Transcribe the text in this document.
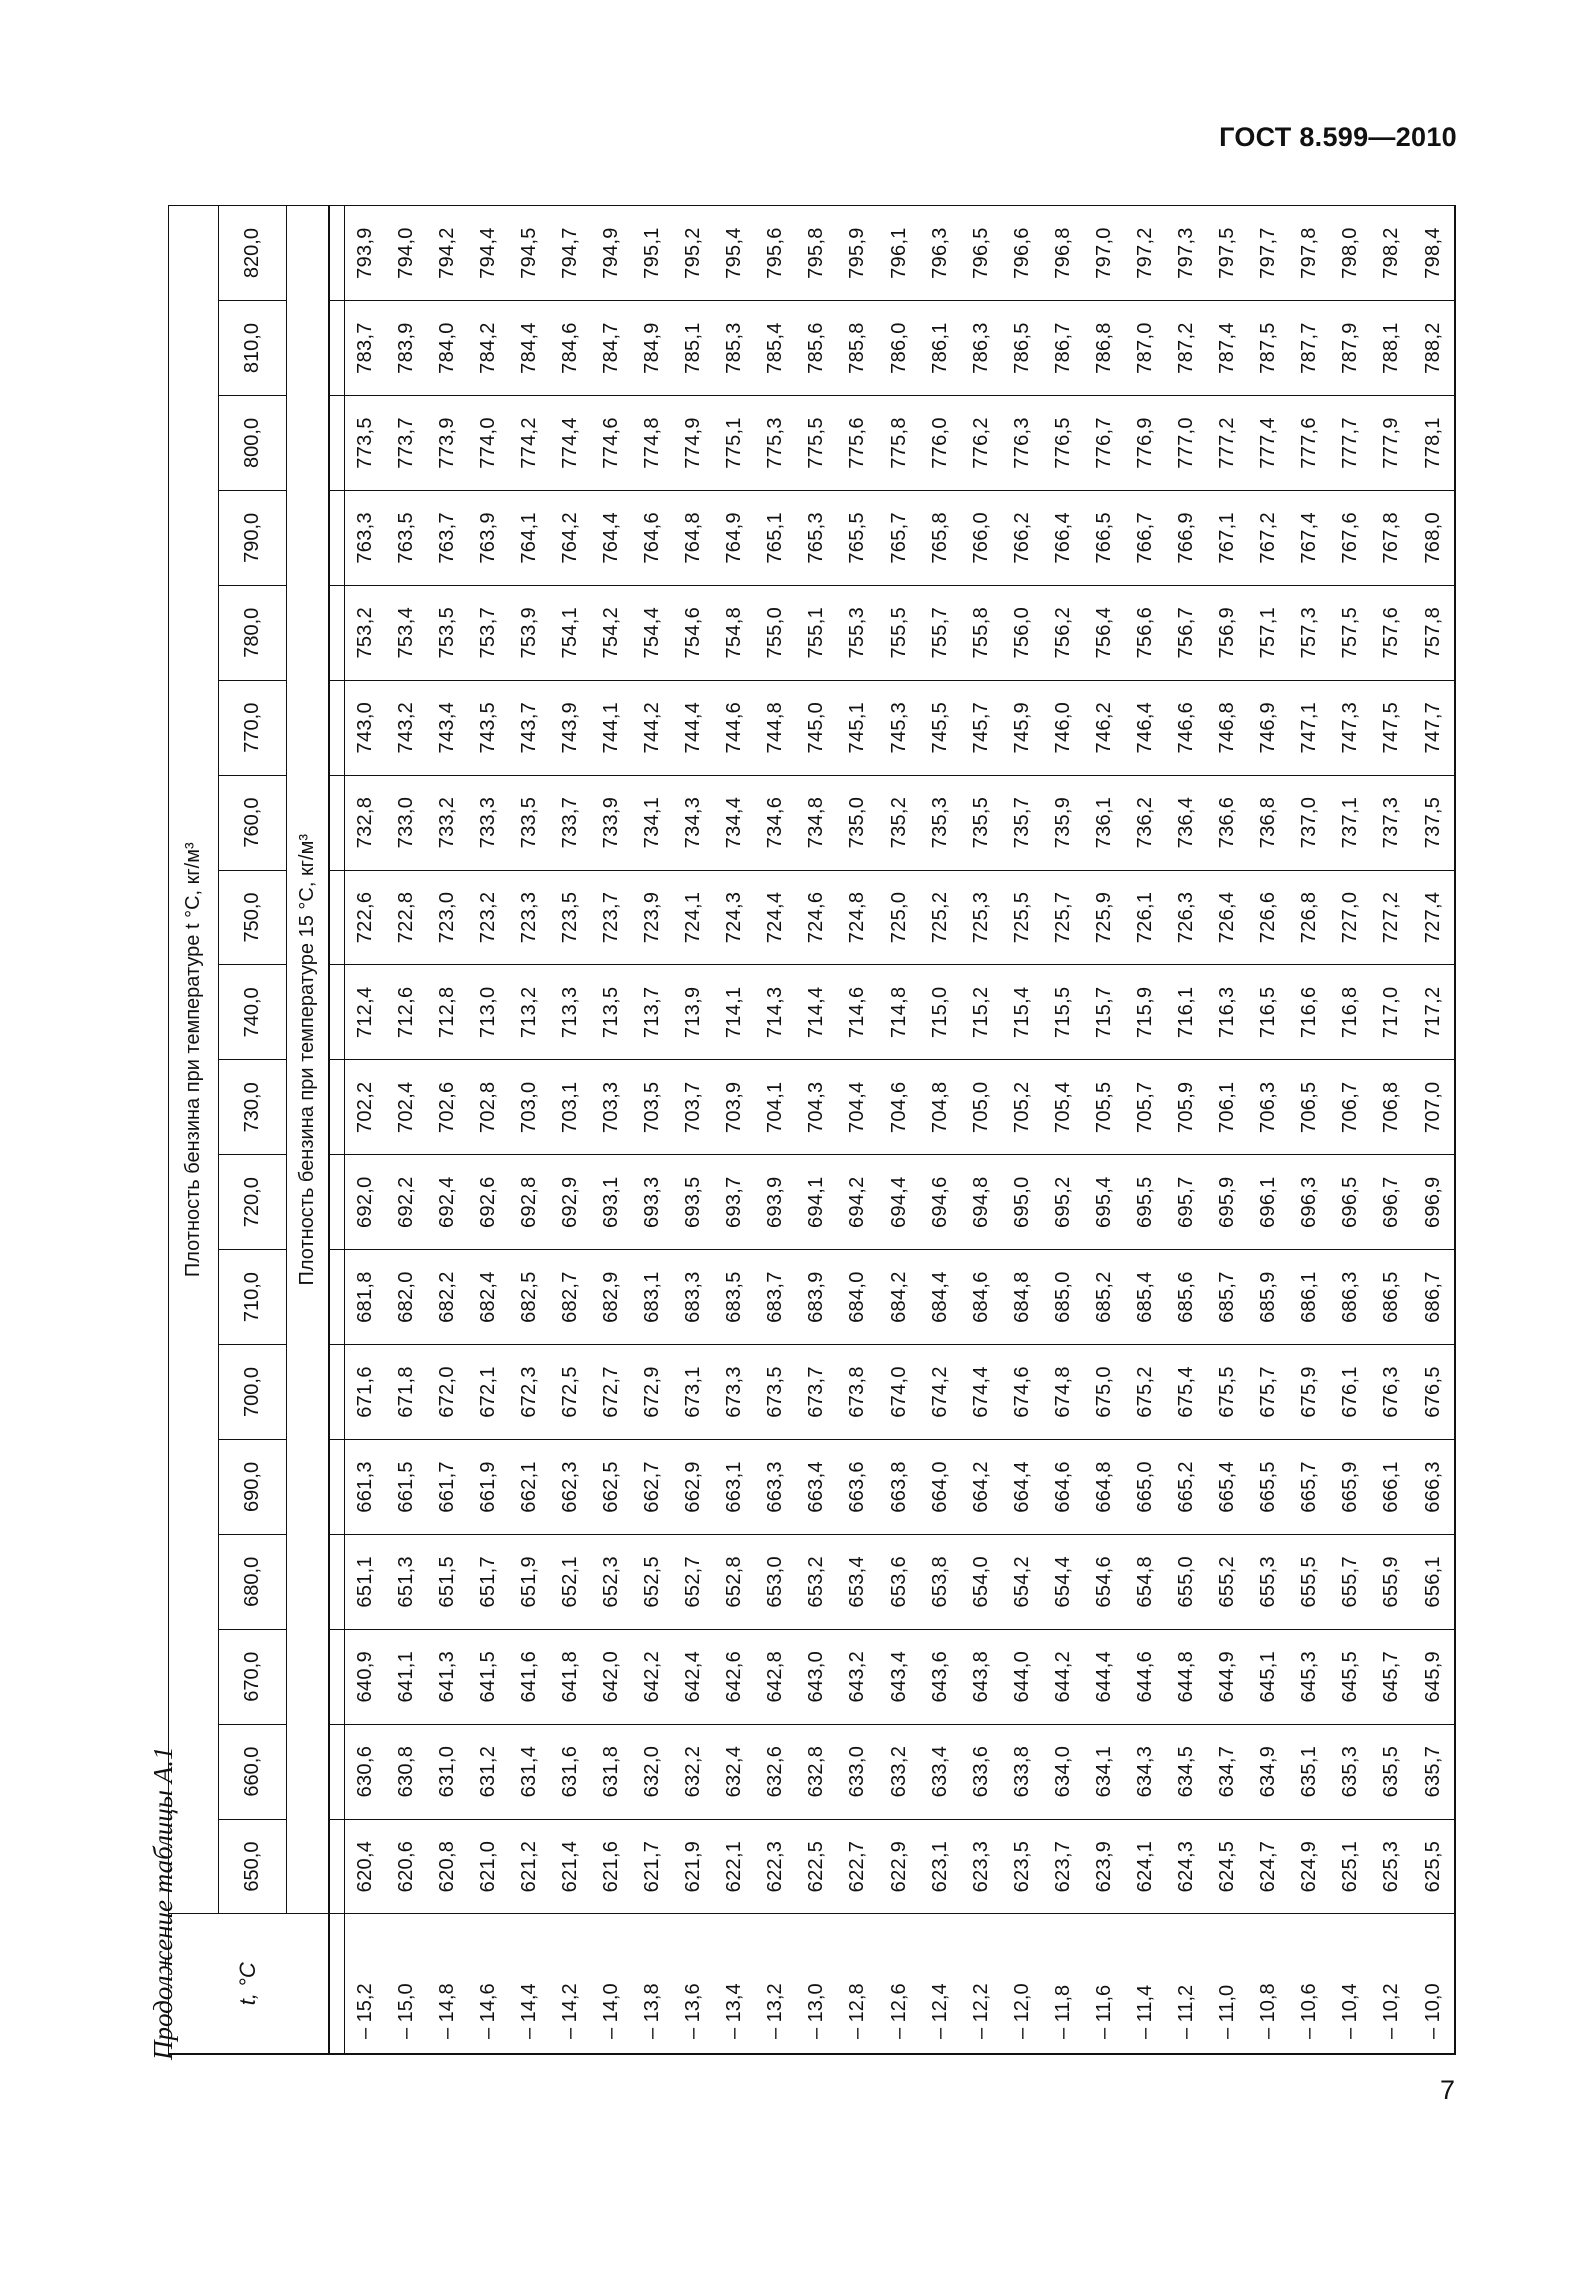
ГОСТ 8.599—2010
Продолжение таблицы А.1	t, °C	Плотность бензина при температуре t °C, кг/м³																	
	650,0	660,0	670,0	680,0	690,0	700,0	710,0	720,0	730,0	740,0	750,0	760,0	770,0	780,0	790,0	800,0	810,0	820,0
	Плотность бензина при температуре 15 °C, кг/м³																	

– 15,2	620,4	630,6	640,9	651,1	661,3	671,6	681,8	692,0	702,2	712,4	722,6	732,8	743,0	753,2	763,3	773,5	783,7	793,9
– 15,0	620,6	630,8	641,1	651,3	661,5	671,8	682,0	692,2	702,4	712,6	722,8	733,0	743,2	753,4	763,5	773,7	783,9	794,0
– 14,8	620,8	631,0	641,3	651,5	661,7	672,0	682,2	692,4	702,6	712,8	723,0	733,2	743,4	753,5	763,7	773,9	784,0	794,2
– 14,6	621,0	631,2	641,5	651,7	661,9	672,1	682,4	692,6	702,8	713,0	723,2	733,3	743,5	753,7	763,9	774,0	784,2	794,4
– 14,4	621,2	631,4	641,6	651,9	662,1	672,3	682,5	692,8	703,0	713,2	723,3	733,5	743,7	753,9	764,1	774,2	784,4	794,5
– 14,2	621,4	631,6	641,8	652,1	662,3	672,5	682,7	692,9	703,1	713,3	723,5	733,7	743,9	754,1	764,2	774,4	784,6	794,7
– 14,0	621,6	631,8	642,0	652,3	662,5	672,7	682,9	693,1	703,3	713,5	723,7	733,9	744,1	754,2	764,4	774,6	784,7	794,9
– 13,8	621,7	632,0	642,2	652,5	662,7	672,9	683,1	693,3	703,5	713,7	723,9	734,1	744,2	754,4	764,6	774,8	784,9	795,1
– 13,6	621,9	632,2	642,4	652,7	662,9	673,1	683,3	693,5	703,7	713,9	724,1	734,3	744,4	754,6	764,8	774,9	785,1	795,2
– 13,4	622,1	632,4	642,6	652,8	663,1	673,3	683,5	693,7	703,9	714,1	724,3	734,4	744,6	754,8	764,9	775,1	785,3	795,4
– 13,2	622,3	632,6	642,8	653,0	663,3	673,5	683,7	693,9	704,1	714,3	724,4	734,6	744,8	755,0	765,1	775,3	785,4	795,6
– 13,0	622,5	632,8	643,0	653,2	663,4	673,7	683,9	694,1	704,3	714,4	724,6	734,8	745,0	755,1	765,3	775,5	785,6	795,8
– 12,8	622,7	633,0	643,2	653,4	663,6	673,8	684,0	694,2	704,4	714,6	724,8	735,0	745,1	755,3	765,5	775,6	785,8	795,9
– 12,6	622,9	633,2	643,4	653,6	663,8	674,0	684,2	694,4	704,6	714,8	725,0	735,2	745,3	755,5	765,7	775,8	786,0	796,1
– 12,4	623,1	633,4	643,6	653,8	664,0	674,2	684,4	694,6	704,8	715,0	725,2	735,3	745,5	755,7	765,8	776,0	786,1	796,3
– 12,2	623,3	633,6	643,8	654,0	664,2	674,4	684,6	694,8	705,0	715,2	725,3	735,5	745,7	755,8	766,0	776,2	786,3	796,5
– 12,0	623,5	633,8	644,0	654,2	664,4	674,6	684,8	695,0	705,2	715,4	725,5	735,7	745,9	756,0	766,2	776,3	786,5	796,6
– 11,8	623,7	634,0	644,2	654,4	664,6	674,8	685,0	695,2	705,4	715,5	725,7	735,9	746,0	756,2	766,4	776,5	786,7	796,8
– 11,6	623,9	634,1	644,4	654,6	664,8	675,0	685,2	695,4	705,5	715,7	725,9	736,1	746,2	756,4	766,5	776,7	786,8	797,0
– 11,4	624,1	634,3	644,6	654,8	665,0	675,2	685,4	695,5	705,7	715,9	726,1	736,2	746,4	756,6	766,7	776,9	787,0	797,2
– 11,2	624,3	634,5	644,8	655,0	665,2	675,4	685,6	695,7	705,9	716,1	726,3	736,4	746,6	756,7	766,9	777,0	787,2	797,3
– 11,0	624,5	634,7	644,9	655,2	665,4	675,5	685,7	695,9	706,1	716,3	726,4	736,6	746,8	756,9	767,1	777,2	787,4	797,5
– 10,8	624,7	634,9	645,1	655,3	665,5	675,7	685,9	696,1	706,3	716,5	726,6	736,8	746,9	757,1	767,2	777,4	787,5	797,7
– 10,6	624,9	635,1	645,3	655,5	665,7	675,9	686,1	696,3	706,5	716,6	726,8	737,0	747,1	757,3	767,4	777,6	787,7	797,8
– 10,4	625,1	635,3	645,5	655,7	665,9	676,1	686,3	696,5	706,7	716,8	727,0	737,1	747,3	757,5	767,6	777,7	787,9	798,0
– 10,2	625,3	635,5	645,7	655,9	666,1	676,3	686,5	696,7	706,8	717,0	727,2	737,3	747,5	757,6	767,8	777,9	788,1	798,2
– 10,0	625,5	635,7	645,9	656,1	666,3	676,5	686,7	696,9	707,0	717,2	727,4	737,5	747,7	757,8	768,0	778,1	788,2	798,4
7
